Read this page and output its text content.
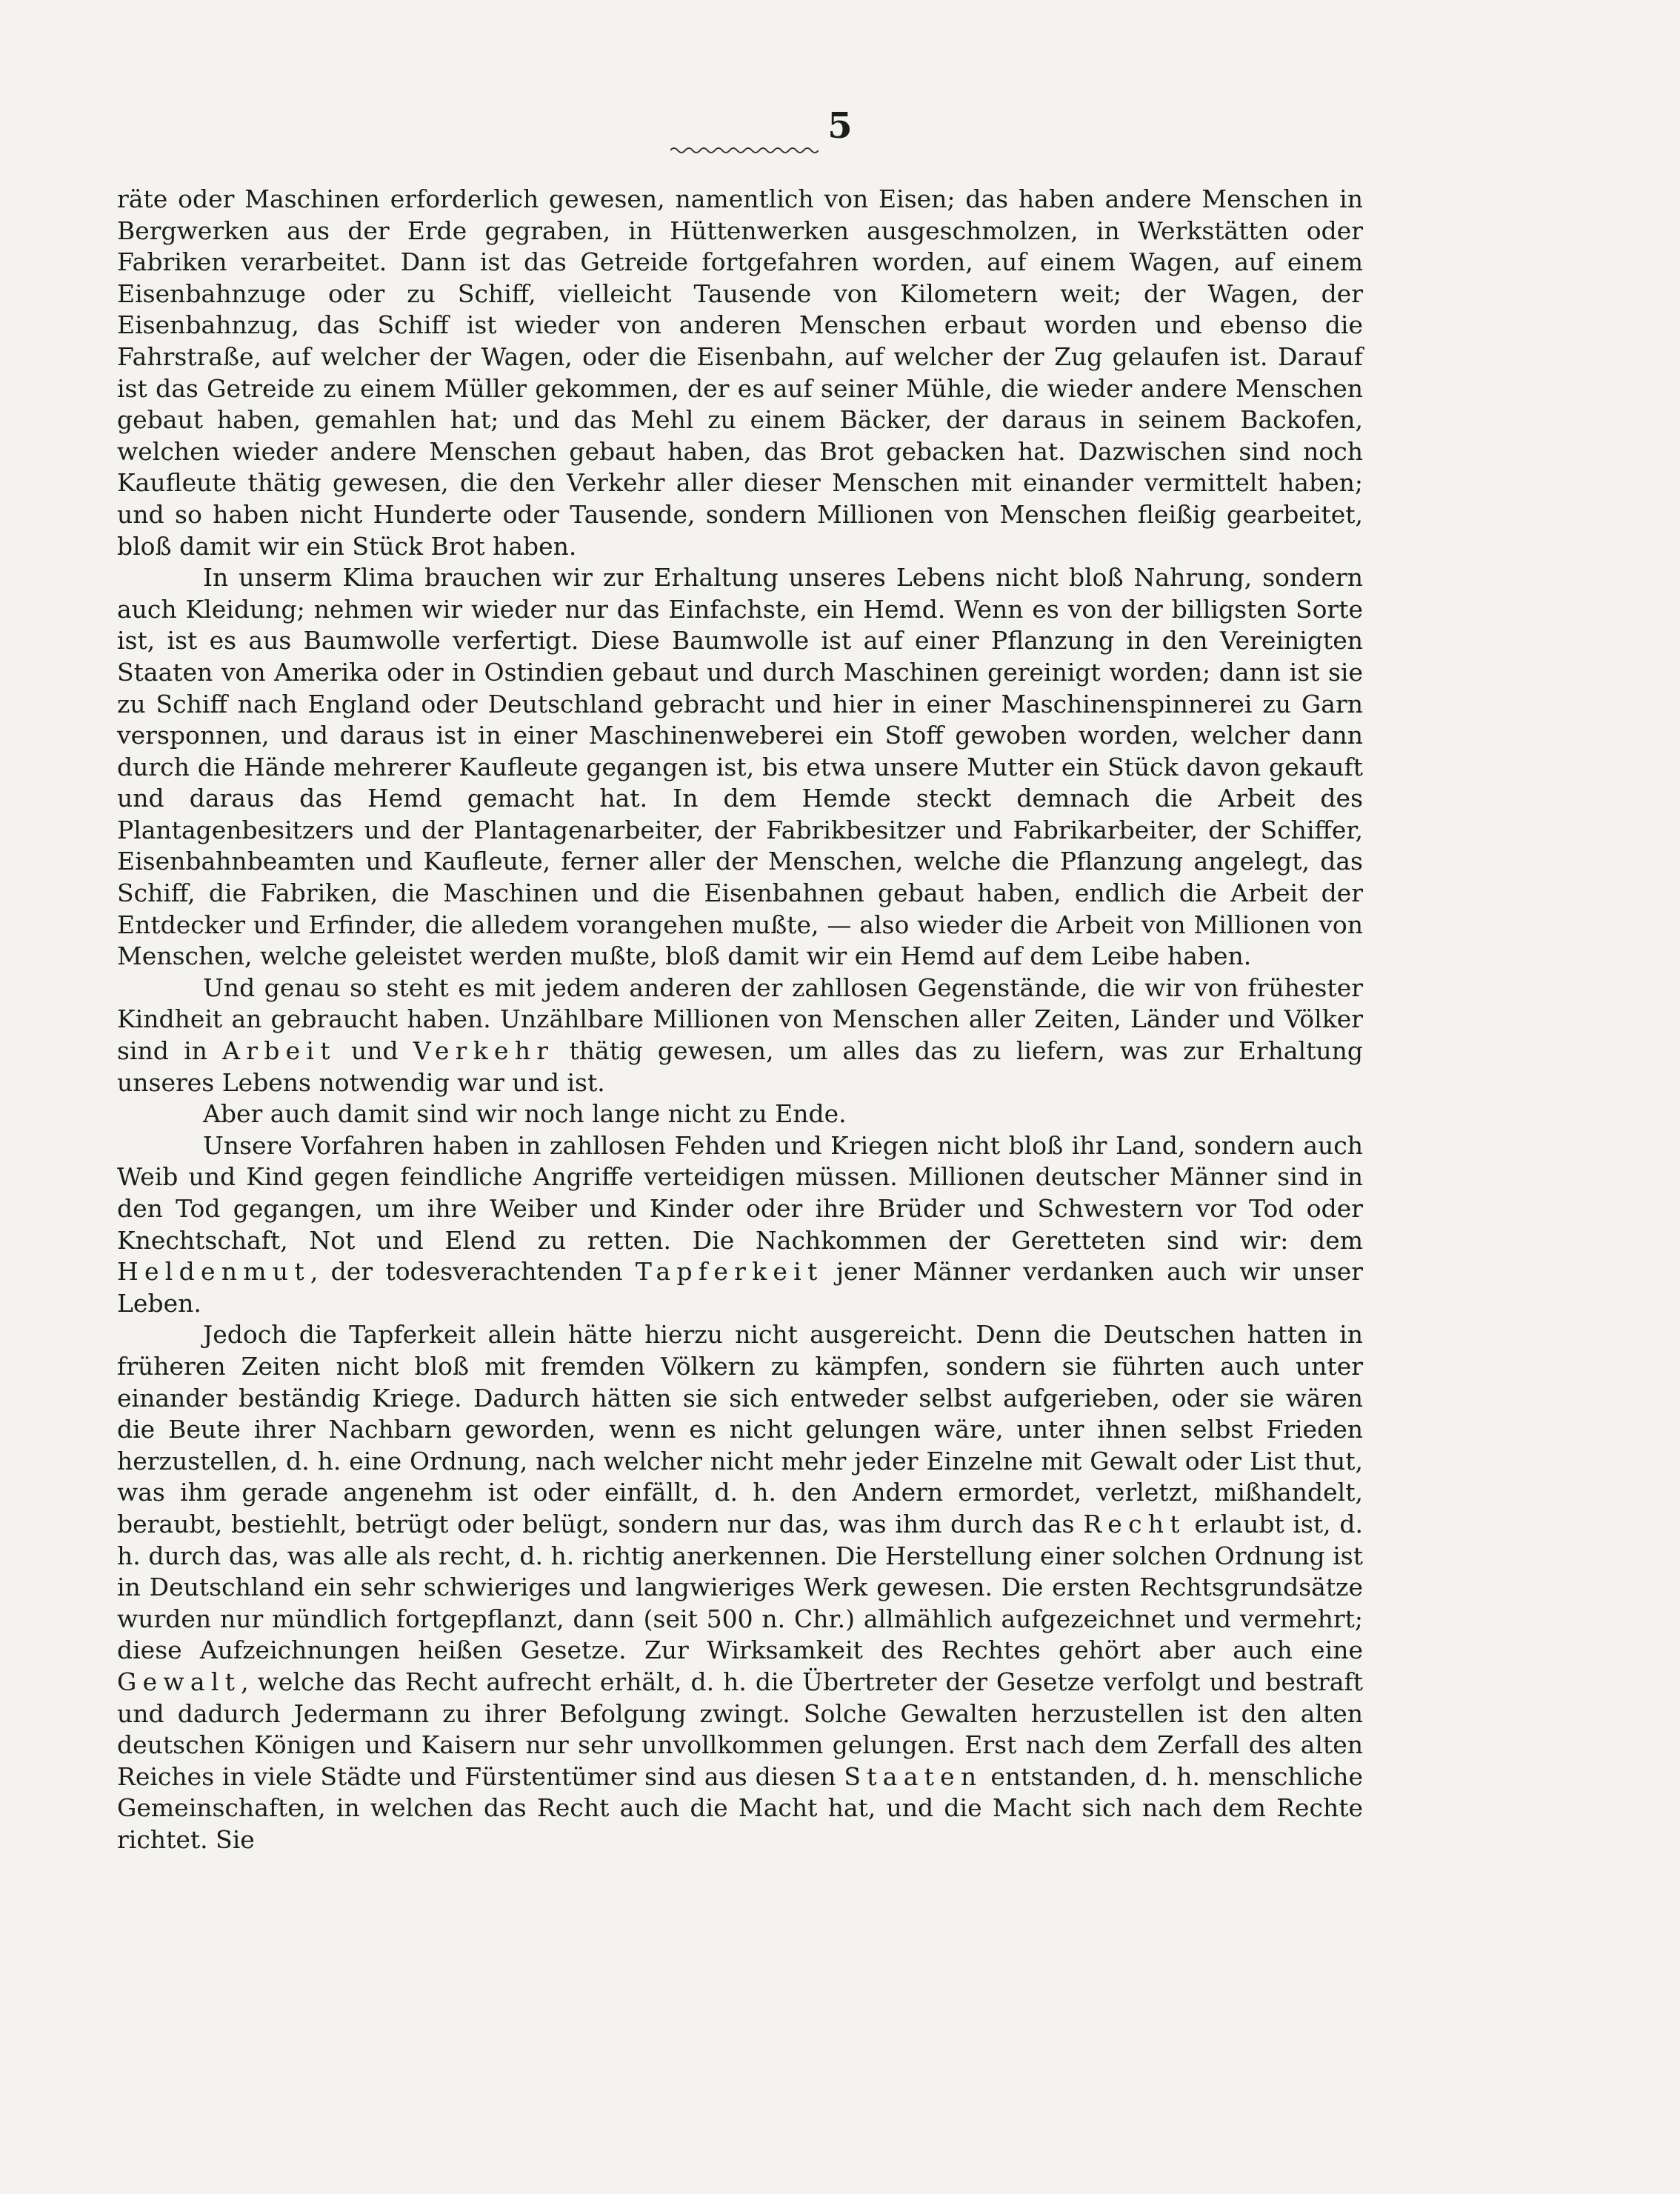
5

räte oder Maschinen erforderlich gewesen, namentlich von Eisen; das haben andere Menschen in Bergwerken aus der Erde gegraben, in Hüttenwerken ausgeschmolzen, in Werkstätten oder Fabriken verarbeitet. Dann ist das Getreide fortgefahren worden, auf einem Wagen, auf einem Eisenbahnzuge oder zu Schiff, vielleicht Tausende von Kilometern weit; der Wagen, der Eisenbahnzug, das Schiff ist wieder von anderen Menschen erbaut worden und ebenso die Fahrstraße, auf welcher der Wagen, oder die Eisenbahn, auf welcher der Zug gelaufen ist. Darauf ist das Getreide zu einem Müller gekommen, der es auf seiner Mühle, die wieder andere Menschen gebaut haben, gemahlen hat; und das Mehl zu einem Bäcker, der daraus in seinem Backofen, welchen wieder andere Menschen gebaut haben, das Brot gebacken hat. Dazwischen sind noch Kaufleute thätig gewesen, die den Verkehr aller dieser Menschen mit einander vermittelt haben; und so haben nicht Hunderte oder Tausende, sondern Millionen von Menschen fleißig gearbeitet, bloß damit wir ein Stück Brot haben.

In unserm Klima brauchen wir zur Erhaltung unseres Lebens nicht bloß Nahrung, sondern auch Kleidung; nehmen wir wieder nur das Einfachste, ein Hemd. Wenn es von der billigsten Sorte ist, ist es aus Baumwolle verfertigt. Diese Baumwolle ist auf einer Pflanzung in den Vereinigten Staaten von Amerika oder in Ostindien gebaut und durch Maschinen gereinigt worden; dann ist sie zu Schiff nach England oder Deutschland gebracht und hier in einer Maschinenspinnerei zu Garn versponnen, und daraus ist in einer Maschinenweberei ein Stoff gewoben worden, welcher dann durch die Hände mehrerer Kaufleute gegangen ist, bis etwa unsere Mutter ein Stück davon gekauft und daraus das Hemd gemacht hat. In dem Hemde steckt demnach die Arbeit des Plantagenbesitzers und der Plantagenarbeiter, der Fabrikbesitzer und Fabrikarbeiter, der Schiffer, Eisenbahnbeamten und Kaufleute, ferner aller der Menschen, welche die Pflanzung angelegt, das Schiff, die Fabriken, die Maschinen und die Eisenbahnen gebaut haben, endlich die Arbeit der Entdecker und Erfinder, die alledem vorangehen mußte, — also wieder die Arbeit von Millionen von Menschen, welche geleistet werden mußte, bloß damit wir ein Hemd auf dem Leibe haben.

Und genau so steht es mit jedem anderen der zahllosen Gegenstände, die wir von frühester Kindheit an gebraucht haben. Unzählbare Millionen von Menschen aller Zeiten, Länder und Völker sind in Arbeit und Verkehr thätig gewesen, um alles das zu liefern, was zur Erhaltung unseres Lebens notwendig war und ist.

Aber auch damit sind wir noch lange nicht zu Ende.

Unsere Vorfahren haben in zahllosen Fehden und Kriegen nicht bloß ihr Land, sondern auch Weib und Kind gegen feindliche Angriffe verteidigen müssen. Millionen deutscher Männer sind in den Tod gegangen, um ihre Weiber und Kinder oder ihre Brüder und Schwestern vor Tod oder Knechtschaft, Not und Elend zu retten. Die Nachkommen der Geretteten sind wir: dem Heldenmut, der todesverachtenden Tapferkeit jener Männer verdanken auch wir unser Leben.

Jedoch die Tapferkeit allein hätte hierzu nicht ausgereicht. Denn die Deutschen hatten in früheren Zeiten nicht bloß mit fremden Völkern zu kämpfen, sondern sie führten auch unter einander beständig Kriege. Dadurch hätten sie sich entweder selbst aufgerieben, oder sie wären die Beute ihrer Nachbarn geworden, wenn es nicht gelungen wäre, unter ihnen selbst Frieden herzustellen, d. h. eine Ordnung, nach welcher nicht mehr jeder Einzelne mit Gewalt oder List thut, was ihm gerade angenehm ist oder einfällt, d. h. den Andern ermordet, verletzt, mißhandelt, beraubt, bestiehlt, betrügt oder belügt, sondern nur das, was ihm durch das Recht erlaubt ist, d. h. durch das, was alle als recht, d. h. richtig anerkennen. Die Herstellung einer solchen Ordnung ist in Deutschland ein sehr schwieriges und langwieriges Werk gewesen. Die ersten Rechtsgrundsätze wurden nur mündlich fortgepflanzt, dann (seit 500 n. Chr.) allmählich aufgezeichnet und vermehrt; diese Aufzeichnungen heißen Gesetze. Zur Wirksamkeit des Rechtes gehört aber auch eine Gewalt, welche das Recht aufrecht erhält, d. h. die Übertreter der Gesetze verfolgt und bestraft und dadurch Jedermann zu ihrer Befolgung zwingt. Solche Gewalten herzustellen ist den alten deutschen Königen und Kaisern nur sehr unvollkommen gelungen. Erst nach dem Zerfall des alten Reiches in viele Städte und Fürstentümer sind aus diesen Staaten entstanden, d. h. menschliche Gemeinschaften, in welchen das Recht auch die Macht hat, und die Macht sich nach dem Rechte richtet. Sie
